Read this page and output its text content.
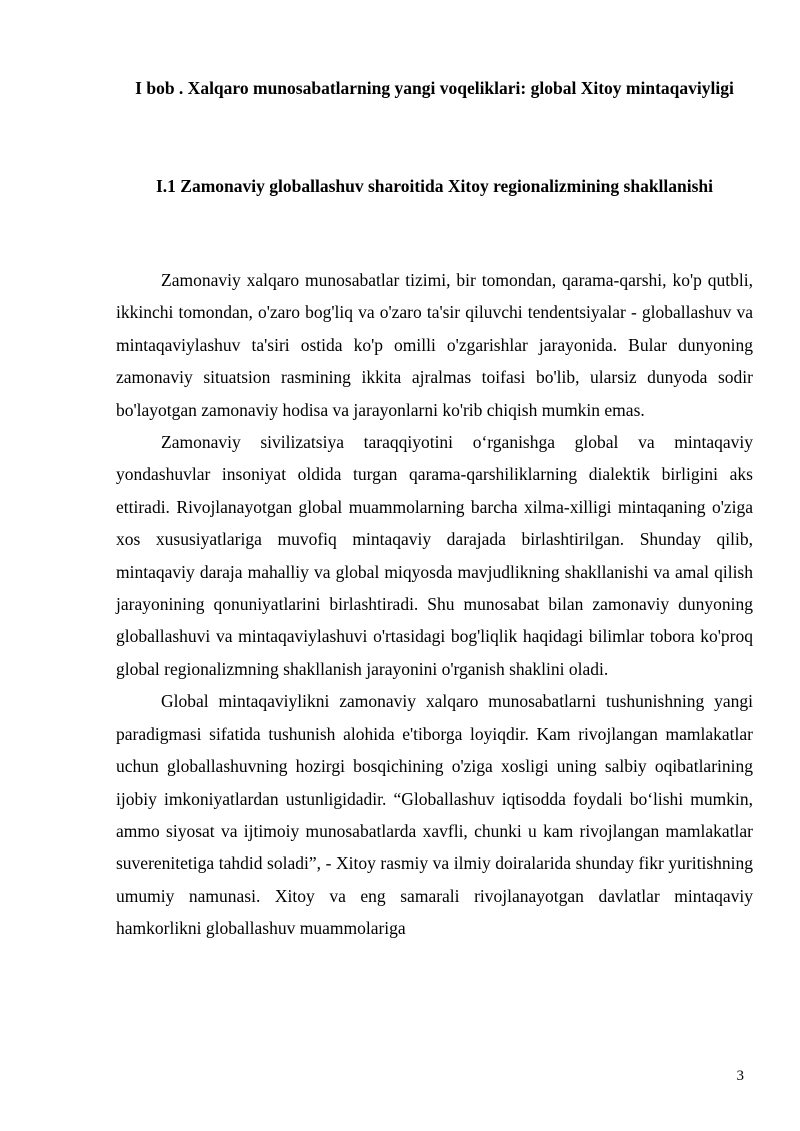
I bob . Xalqaro munosabatlarning yangi voqeliklari: global Xitoy mintaqaviyligi
I.1 Zamonaviy globallashuv sharoitida Xitoy regionalizmining shakllanishi

Zamonaviy xalqaro munosabatlar tizimi, bir tomondan, qarama-qarshi, ko'p qutbli, ikkinchi tomondan, o'zaro bog'liq va o'zaro ta'sir qiluvchi tendentsiyalar - globallashuv va mintaqaviylashuv ta'siri ostida ko'p omilli o'zgarishlar jarayonida. Bular dunyoning zamonaviy situatsion rasmining ikkita ajralmas toifasi bo'lib, ularsiz dunyoda sodir bo'layotgan zamonaviy hodisa va jarayonlarni ko'rib chiqish mumkin emas.

Zamonaviy sivilizatsiya taraqqiyotini o‘rganishga global va mintaqaviy yondashuvlar insoniyat oldida turgan qarama-qarshiliklarning dialektik birligini aks ettiradi. Rivojlanayotgan global muammolarning barcha xilma-xilligi mintaqaning o'ziga xos xususiyatlariga muvofiq mintaqaviy darajada birlashtirilgan. Shunday qilib, mintaqaviy daraja mahalliy va global miqyosda mavjudlikning shakllanishi va amal qilish jarayonining qonuniyatlarini birlashtiradi. Shu munosabat bilan zamonaviy dunyoning globallashuvi va mintaqaviylashuvi o'rtasidagi bog'liqlik haqidagi bilimlar tobora ko'proq global regionalizmning shakllanish jarayonini o'rganish shaklini oladi.

Global mintaqaviylikni zamonaviy xalqaro munosabatlarni tushunishning yangi paradigmasi sifatida tushunish alohida e'tiborga loyiqdir. Kam rivojlangan mamlakatlar uchun globallashuvning hozirgi bosqichining o'ziga xosligi uning salbiy oqibatlarining ijobiy imkoniyatlardan ustunligidadir. “Globallashuv iqtisodda foydali bo‘lishi mumkin, ammo siyosat va ijtimoiy munosabatlarda xavfli, chunki u kam rivojlangan mamlakatlar suverenitetiga tahdid soladi”, - Xitoy rasmiy va ilmiy doiralarida shunday fikr yuritishning umumiy namunasi. Xitoy va eng samarali rivojlanayotgan davlatlar mintaqaviy hamkorlikni globallashuv muammolariga

3
